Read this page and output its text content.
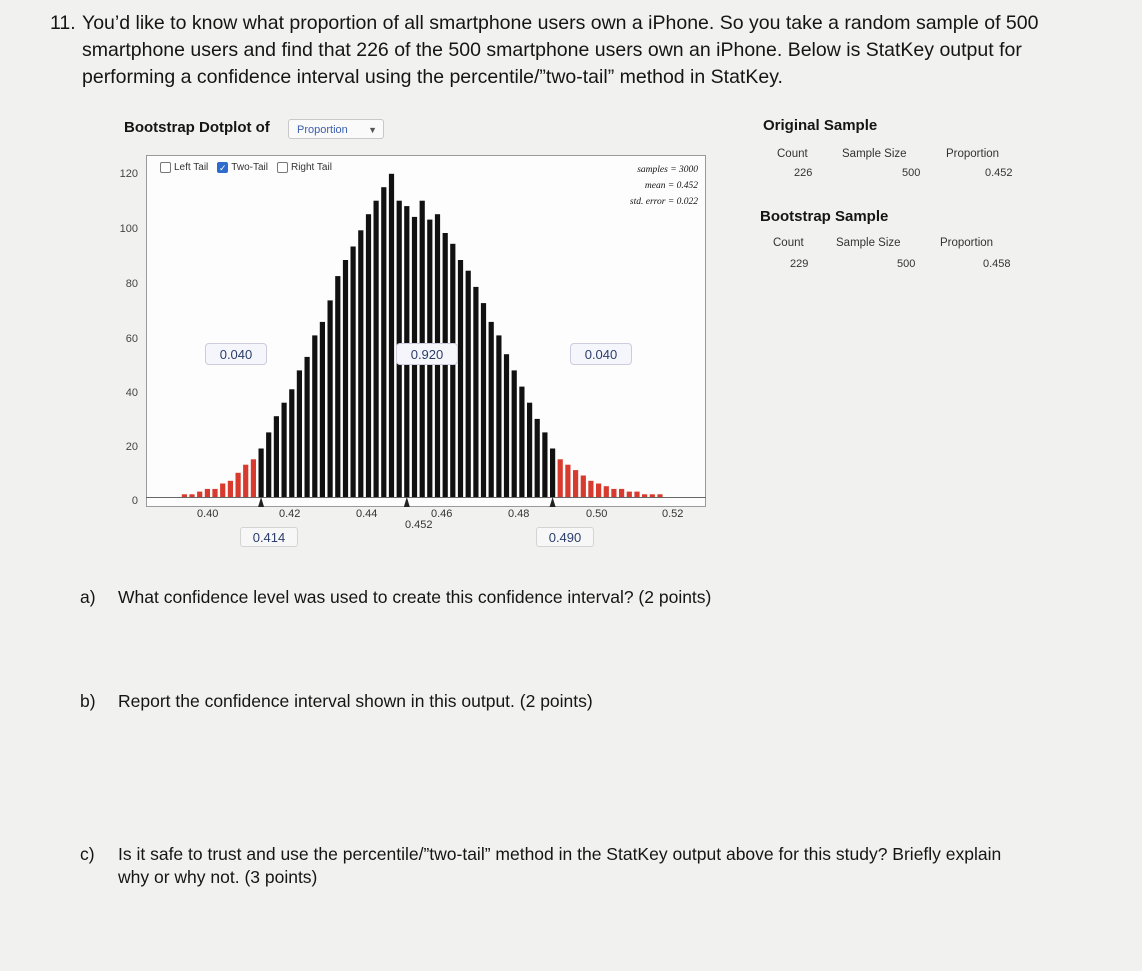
11. You’d like to know what proportion of all smartphone users own a iPhone. So you take a random sample of 500 smartphone users and find that 226 of the 500 smartphone users own an iPhone. Below is StatKey output for performing a confidence interval using the percentile/”two-tail” method in StatKey.
Bootstrap Dotplot of	Proportion ▼
120
100
80
60
40
20
0
0.40	0.42	0.44	0.46	0.48	0.50	0.52
0.452
Left Tail ✓ Two-Tail Right Tail	samples = 3000
mean = 0.452
std. error = 0.022
0.040	0.920	0.040
0.414	0.490
Original Sample
Count	Sample Size	Proportion
226	500	0.452
Bootstrap Sample
Count	Sample Size	Proportion
229	500	0.458
a)	What confidence level was used to create this confidence interval? (2 points)
b)	Report the confidence interval shown in this output. (2 points)
c)	Is it safe to trust and use the percentile/”two-tail” method in the StatKey output above for this study? Briefly explain why or why not. (3 points)
